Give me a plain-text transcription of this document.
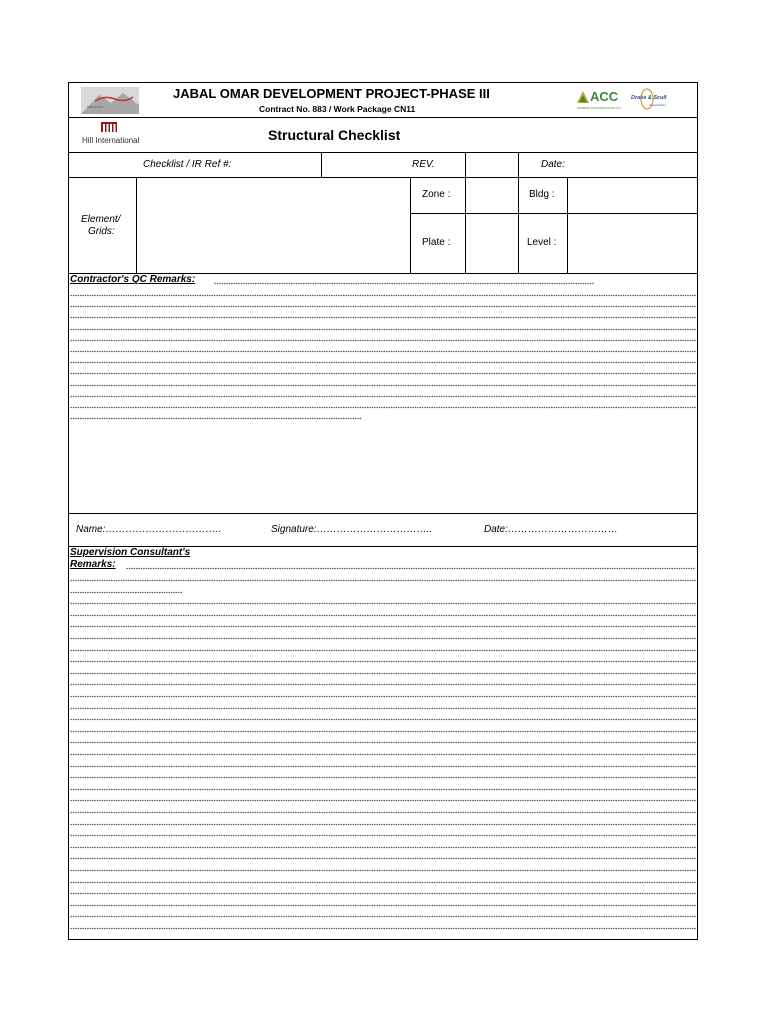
JABAL OMAR DEVELOPMENT PROJECT-PHASE III
Contract No. 883 / Work Package CN11
ACC
ARABIAN CONSTRUCTION CO.
Drake & Scull
Construction
Hill International	Structural Checklist
Checklist / IR Ref #:	REV.	Date:
Element/
Grids:
Zone :	Bldg :
Plate :	Level :
Contractor's QC Remarks:
Name:……………………………..	Signature:……………………………..	Date:……………………………
Supervision Consultant's
Remarks:
